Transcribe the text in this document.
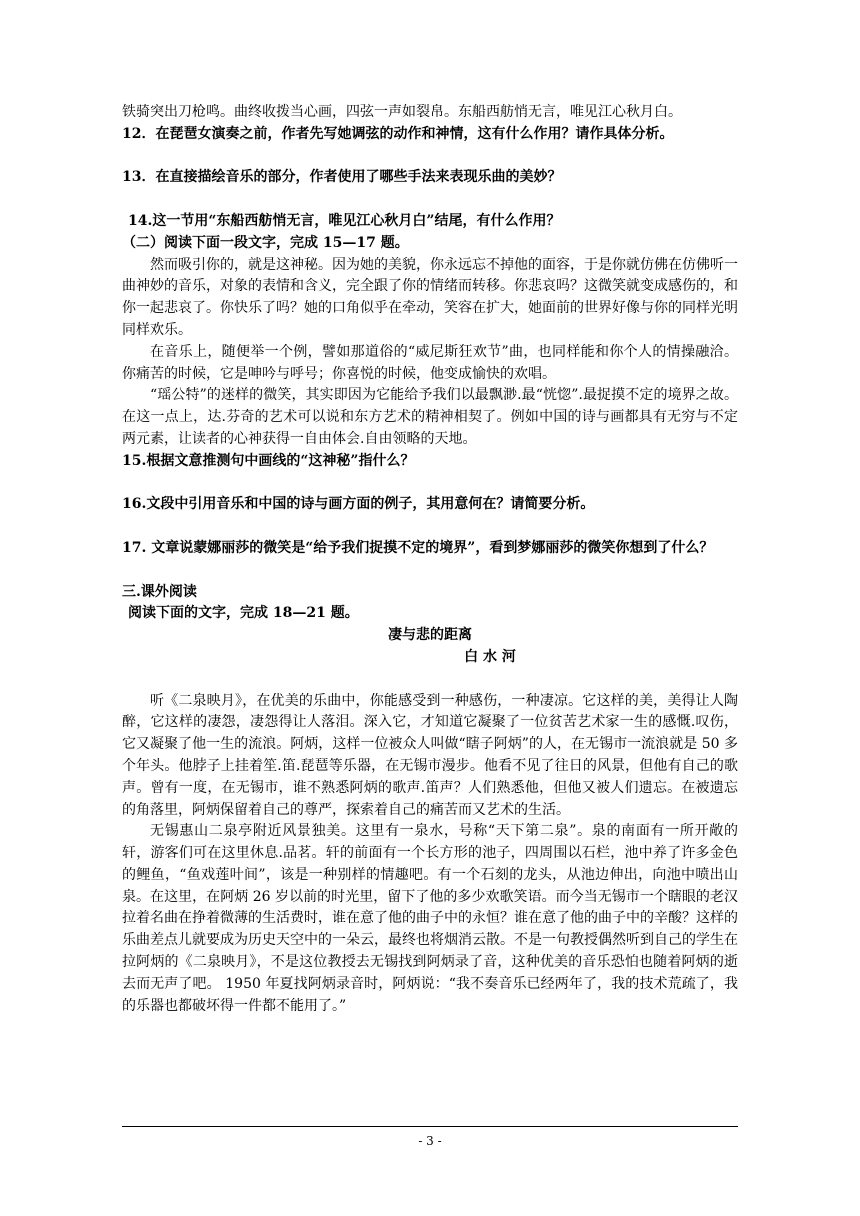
铁骑突出刀枪鸣。曲终收拨当心画，四弦一声如裂帛。东船西舫悄无言，唯见江心秋月白。

12．在琵琶女演奏之前，作者先写她调弦的动作和神情，这有什么作用？请作具体分析。

13．在直接描绘音乐的部分，作者使用了哪些手法来表现乐曲的美妙？

14.这一节用“东船西舫悄无言，唯见江心秋月白”结尾，有什么作用？

（二）阅读下面一段文字，完成 15—17 题。

然而吸引你的，就是这神秘。因为她的美貌，你永远忘不掉他的面容，于是你就仿佛在仿佛听一曲神妙的音乐，对象的表情和含义，完全跟了你的情绪而转移。你悲哀吗？这微笑就变成感伤的，和你一起悲哀了。你快乐了吗？她的口角似乎在牵动，笑容在扩大，她面前的世界好像与你的同样光明同样欢乐。

在音乐上，随便举一个例，譬如那道俗的“威尼斯狂欢节”曲，也同样能和你个人的情操融洽。你痛苦的时候，它是呻吟与呼号；你喜悦的时候，他变成愉快的欢唱。

“瑶公特”的迷样的微笑，其实即因为它能给予我们以最飘渺.最“恍惚”.最捉摸不定的境界之故。在这一点上，达.芬奇的艺术可以说和东方艺术的精神相契了。例如中国的诗与画都具有无穷与不定两元素，让读者的心神获得一自由体会.自由领略的天地。

15.根据文意推测句中画线的“这神秘”指什么？

16.文段中引用音乐和中国的诗与画方面的例子，其用意何在？请简要分析。

17. 文章说蒙娜丽莎的微笑是“给予我们捉摸不定的境界”，看到梦娜丽莎的微笑你想到了什么？

三.课外阅读

阅读下面的文字，完成 18—21 题。

凄与悲的距离

白 水 河

听《二泉映月》，在优美的乐曲中，你能感受到一种感伤，一种凄凉。它这样的美，美得让人陶醉，它这样的凄怨，凄怨得让人落泪。深入它，才知道它凝聚了一位贫苦艺术家一生的感慨.叹伤，它又凝聚了他一生的流浪。阿炳，这样一位被众人叫做“瞎子阿炳”的人，在无锡市一流浪就是 50 多个年头。他脖子上挂着笙.笛.琵琶等乐器，在无锡市漫步。他看不见了往日的风景，但他有自己的歌声。曾有一度，在无锡市，谁不熟悉阿炳的歌声.笛声？人们熟悉他，但他又被人们遗忘。在被遗忘的角落里，阿炳保留着自己的尊严，探索着自己的痛苦而又艺术的生活。

无锡惠山二泉亭附近风景独美。这里有一泉水，号称“天下第二泉”。泉的南面有一所开敞的轩，游客们可在这里休息.品茗。轩的前面有一个长方形的池子，四周围以石栏，池中养了许多金色的鲤鱼，“鱼戏莲叶间”，该是一种别样的情趣吧。有一个石刻的龙头，从池边伸出，向池中喷出山泉。在这里，在阿炳 26 岁以前的时光里，留下了他的多少欢歌笑语。而今当无锡市一个瞎眼的老汉拉着名曲在挣着微薄的生活费时，谁在意了他的曲子中的永恒？谁在意了他的曲子中的辛酸？这样的乐曲差点儿就要成为历史天空中的一朵云，最终也将烟消云散。不是一句教授偶然听到自己的学生在拉阿炳的《二泉映月》，不是这位教授去无锡找到阿炳录了音，这种优美的音乐恐怕也随着阿炳的逝去而无声了吧。 1950 年夏找阿炳录音时，阿炳说：“我不奏音乐已经两年了，我的技术荒疏了，我的乐器也都破坏得一件都不能用了。”

- 3 -
